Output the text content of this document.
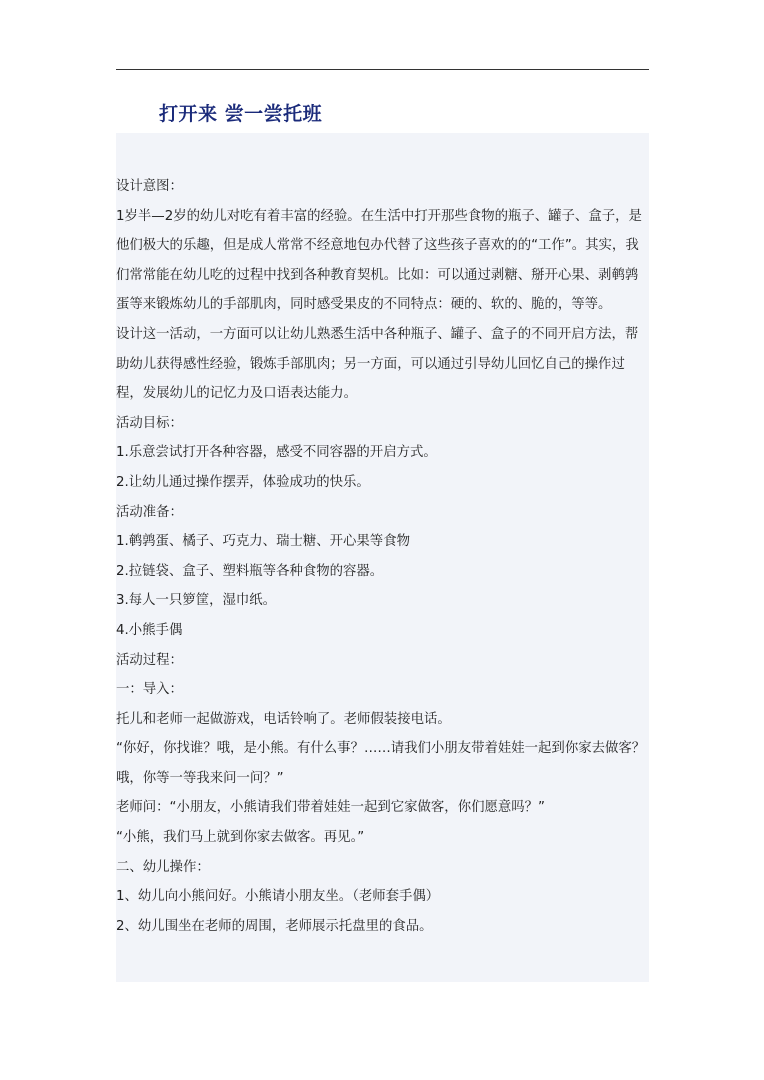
打开来 尝一尝托班

设计意图：

1岁半—2岁的幼儿对吃有着丰富的经验。在生活中打开那些食物的瓶子、罐子、盒子，是他们极大的乐趣，但是成人常常不经意地包办代替了这些孩子喜欢的的“工作”。其实，我们常常能在幼儿吃的过程中找到各种教育契机。比如：可以通过剥糖、掰开心果、剥鹌鹑蛋等来锻炼幼儿的手部肌肉，同时感受果皮的不同特点：硬的、软的、脆的，等等。

设计这一活动，一方面可以让幼儿熟悉生活中各种瓶子、罐子、盒子的不同开启方法，帮助幼儿获得感性经验，锻炼手部肌肉；另一方面，可以通过引导幼儿回忆自己的操作过程，发展幼儿的记忆力及口语表达能力。

活动目标：

1.乐意尝试打开各种容器，感受不同容器的开启方式。

2.让幼儿通过操作摆弄，体验成功的快乐。

活动准备：

1.鹌鹑蛋、橘子、巧克力、瑞士糖、开心果等食物

2.拉链袋、盒子、塑料瓶等各种食物的容器。

3.每人一只箩筐，湿巾纸。

4.小熊手偶

活动过程：

一：导入：

托儿和老师一起做游戏，电话铃响了。老师假装接电话。

“你好，你找谁？哦，是小熊。有什么事？……请我们小朋友带着娃娃一起到你家去做客？哦，你等一等我来问一问？”

老师问：“小朋友，小熊请我们带着娃娃一起到它家做客，你们愿意吗？”

“小熊，我们马上就到你家去做客。再见。”

二、幼儿操作：

1、幼儿向小熊问好。小熊请小朋友坐。（老师套手偶）

2、幼儿围坐在老师的周围，老师展示托盘里的食品。
